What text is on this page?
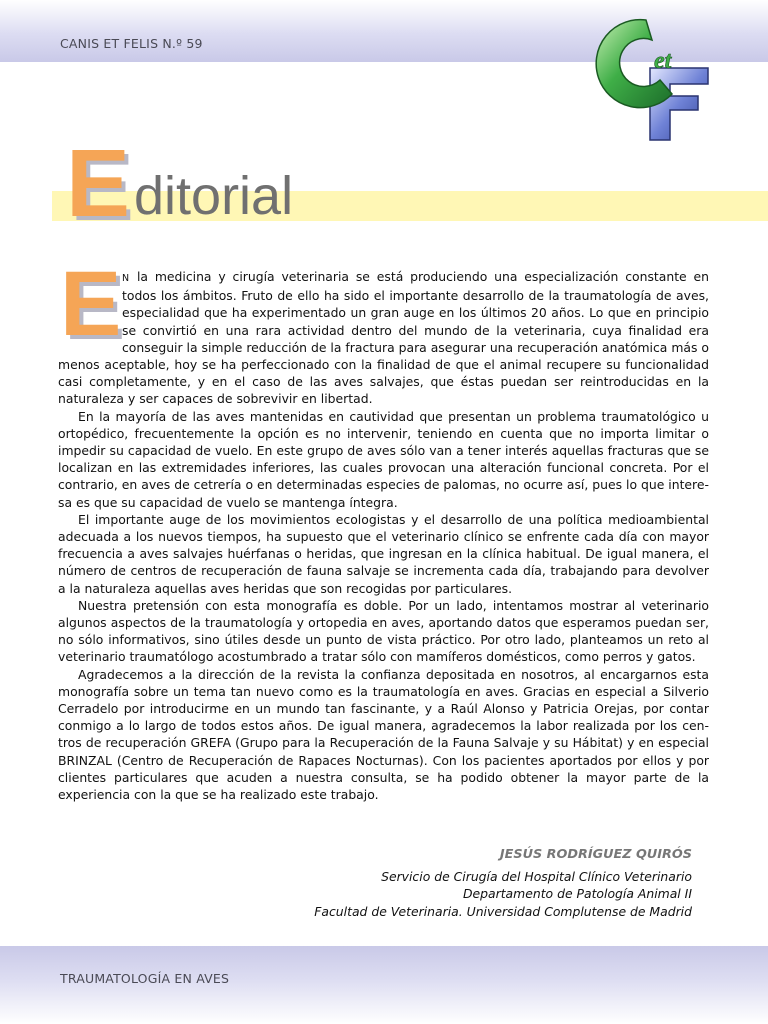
CANIS ET FELIS N.º 59
et
E ditorial
E N la medicina y cirugía veterinaria se está produciendo una especialización constante en todos los ámbitos. Fruto de ello ha sido el importante desarrollo de la traumatología de aves, especialidad que ha experimentado un gran auge en los últimos 20 años. Lo que en principio se convirtió en una rara actividad dentro del mundo de la veterinaria, cuya finalidad era conseguir la simple reducción de la fractura para asegurar una recuperación anatómica más o menos aceptable, hoy se ha perfeccionado con la finalidad de que el animal recupere su funcionalidad casi completamente, y en el caso de las aves salvajes, que éstas puedan ser reintroducidas en la naturaleza y ser capaces de sobrevivir en libertad.

En la mayoría de las aves mantenidas en cautividad que presentan un problema traumatológico u ortopédico, frecuentemente la opción es no intervenir, teniendo en cuenta que no importa limitar o impedir su capacidad de vuelo. En este grupo de aves sólo van a tener interés aquellas fracturas que se localizan en las extremidades inferiores, las cuales provocan una alteración funcional concreta. Por el contrario, en aves de cetrería o en determinadas especies de palomas, no ocurre así, pues lo que interesa es que su capacidad de vuelo se mantenga íntegra.

El importante auge de los movimientos ecologistas y el desarrollo de una política medioambiental adecuada a los nuevos tiempos, ha supuesto que el veterinario clínico se enfrente cada día con mayor frecuencia a aves salvajes huérfanas o heridas, que ingresan en la clínica habitual. De igual manera, el número de centros de recuperación de fauna salvaje se incrementa cada día, trabajando para devolver a la naturaleza aquellas aves heridas que son recogidas por particulares.

Nuestra pretensión con esta monografía es doble. Por un lado, intentamos mostrar al veterinario algunos aspectos de la traumatología y ortopedia en aves, aportando datos que esperamos puedan ser, no sólo informativos, sino útiles desde un punto de vista práctico. Por otro lado, planteamos un reto al veterinario traumatólogo acostumbrado a tratar sólo con mamíferos domésticos, como perros y gatos.

Agradecemos a la dirección de la revista la confianza depositada en nosotros, al encargarnos esta monografía sobre un tema tan nuevo como es la traumatología en aves. Gracias en especial a Silverio Cerradelo por introducirme en un mundo tan fascinante, y a Raúl Alonso y Patricia Orejas, por contar conmigo a lo largo de todos estos años. De igual manera, agradecemos la labor realizada por los centros de recuperación GREFA (Grupo para la Recuperación de la Fauna Salvaje y su Hábitat) y en especial BRINZAL (Centro de Recuperación de Rapaces Nocturnas). Con los pacientes aportados por ellos y por clientes particulares que acuden a nuestra consulta, se ha podido obtener la mayor parte de la experiencia con la que se ha realizado este trabajo.

JESÚS RODRÍGUEZ QUIRÓS
Servicio de Cirugía del Hospital Clínico Veterinario
Departamento de Patología Animal II
Facultad de Veterinaria. Universidad Complutense de Madrid
TRAUMATOLOGÍA EN AVES
